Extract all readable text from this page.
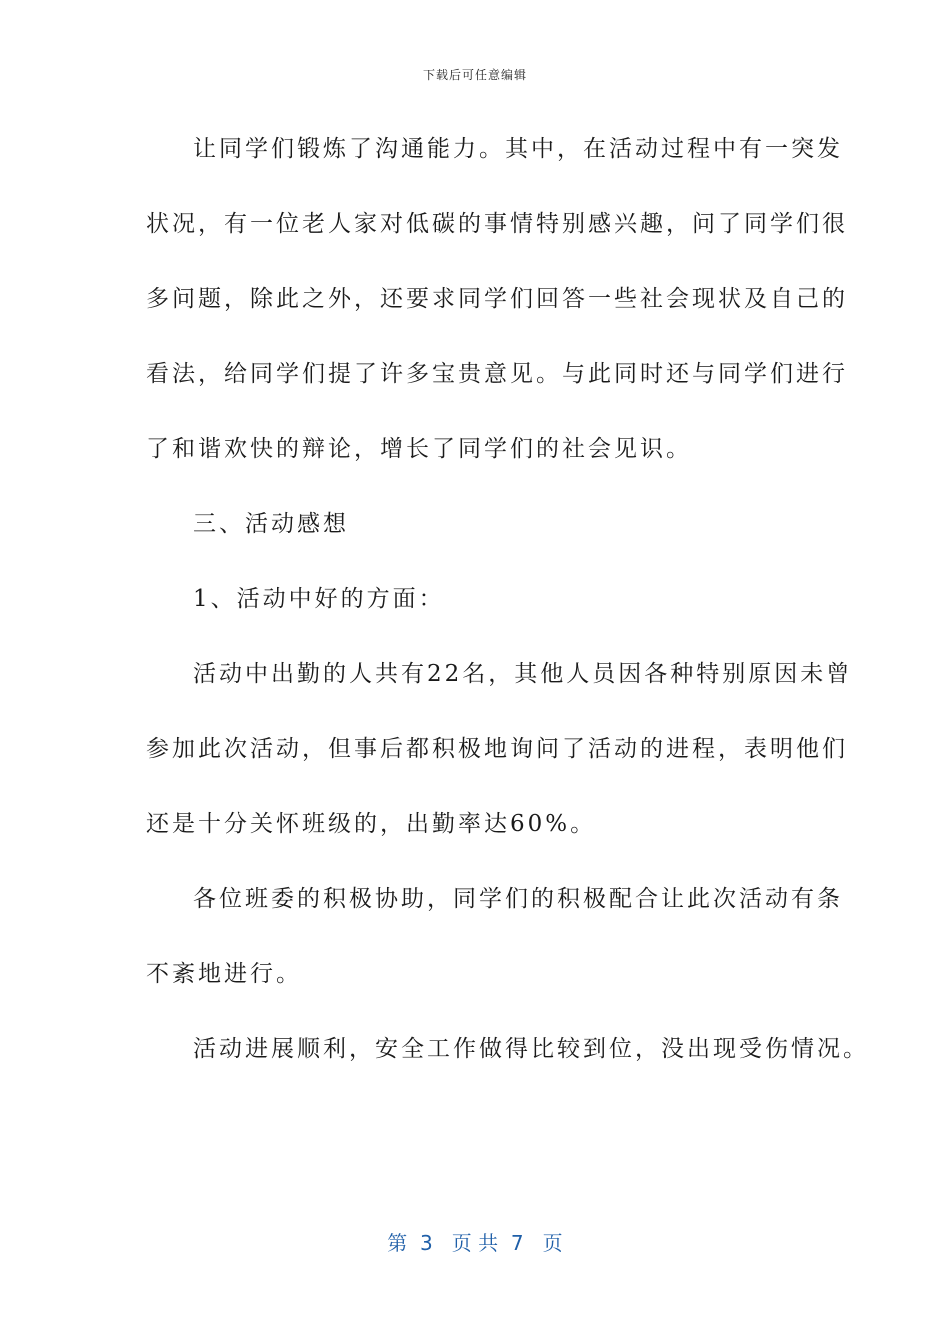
下载后可任意编辑
让同学们锻炼了沟通能力。其中，在活动过程中有一突发
状况，有一位老人家对低碳的事情特别感兴趣，问了同学们很
多问题，除此之外，还要求同学们回答一些社会现状及自己的
看法，给同学们提了许多宝贵意见。与此同时还与同学们进行
了和谐欢快的辩论，增长了同学们的社会见识。
三、活动感想
1、活动中好的方面：
活动中出勤的人共有22名，其他人员因各种特别原因未曾
参加此次活动，但事后都积极地询问了活动的进程，表明他们
还是十分关怀班级的，出勤率达60%。
各位班委的积极协助，同学们的积极配合让此次活动有条
不紊地进行。
活动进展顺利，安全工作做得比较到位，没出现受伤情况。
第  3   页 共  7   页
